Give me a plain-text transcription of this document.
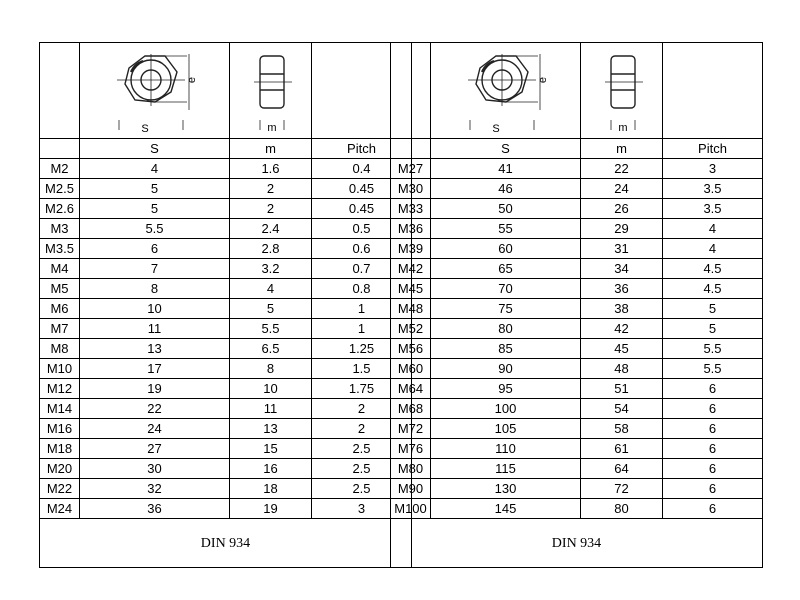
e
S	m	

	S	m	Pitch
M2	4	1.6	0.4
M2.5	5	2	0.45
M2.6	5	2	0.45
M3	5.5	2.4	0.5
M3.5	6	2.8	0.6
M4	7	3.2	0.7
M5	8	4	0.8
M6	10	5	1
M7	11	5.5	1
M8	13	6.5	1.25
M10	17	8	1.5
M12	19	10	1.75
M14	22	11	2
M16	24	13	2
M18	27	15	2.5
M20	30	16	2.5
M22	32	18	2.5
M24	36	19	3
DIN 934			

e
S	m	

	S	m	Pitch
M27	41	22	3
M30	46	24	3.5
M33	50	26	3.5
M36	55	29	4
M39	60	31	4
M42	65	34	4.5
M45	70	36	4.5
M48	75	38	5
M52	80	42	5
M56	85	45	5.5
M60	90	48	5.5
M64	95	51	6
M68	100	54	6
M72	105	58	6
M76	110	61	6
M80	115	64	6
M90	130	72	6
M100	145	80	6
DIN 934			
